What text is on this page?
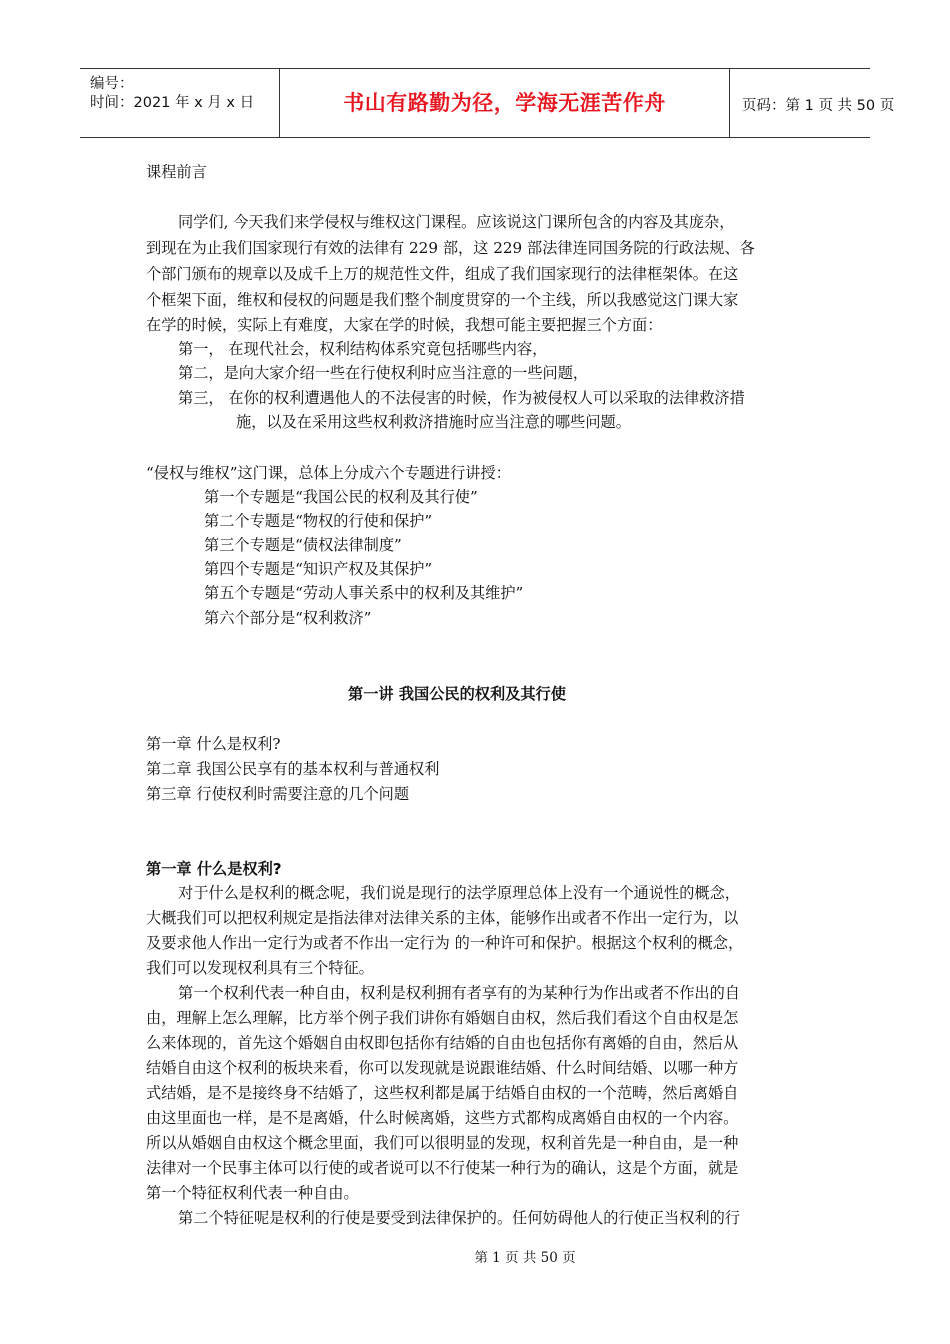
编号：
时间：2021 年 x 月 x 日	书山有路勤为径，学海无涯苦作舟	页码：第 1 页 共 50 页
课程前言
同学们, 今天我们来学侵权与维权这门课程。应该说这门课所包含的内容及其庞杂，
到现在为止我们国家现行有效的法律有 229 部，这 229 部法律连同国务院的行政法规、各
个部门颁布的规章以及成千上万的规范性文件，组成了我们国家现行的法律框架体。在这
个框架下面，维权和侵权的问题是我们整个制度贯穿的一个主线，所以我感觉这门课大家
在学的时候，实际上有难度，大家在学的时候，我想可能主要把握三个方面：
第一， 在现代社会，权利结构体系究竟包括哪些内容，
第二，是向大家介绍一些在行使权利时应当注意的一些问题，
第三， 在你的权利遭遇他人的不法侵害的时候，作为被侵权人可以采取的法律救济措
施，以及在采用这些权利救济措施时应当注意的哪些问题。
“侵权与维权”这门课，总体上分成六个专题进行讲授：
第一个专题是“我国公民的权利及其行使”
第二个专题是“物权的行使和保护”
第三个专题是“债权法律制度”
第四个专题是“知识产权及其保护”
第五个专题是“劳动人事关系中的权利及其维护”
第六个部分是“权利救济”
第一讲 我国公民的权利及其行使
第一章 什么是权利?
第二章 我国公民享有的基本权利与普通权利
第三章 行使权利时需要注意的几个问题
第一章 什么是权利?
对于什么是权利的概念呢，我们说是现行的法学原理总体上没有一个通说性的概念，
大概我们可以把权利规定是指法律对法律关系的主体，能够作出或者不作出一定行为，以
及要求他人作出一定行为或者不作出一定行为 的一种许可和保护。根据这个权利的概念，
我们可以发现权利具有三个特征。
第一个权利代表一种自由，权利是权利拥有者享有的为某种行为作出或者不作出的自
由，理解上怎么理解，比方举个例子我们讲你有婚姻自由权，然后我们看这个自由权是怎
么来体现的，首先这个婚姻自由权即包括你有结婚的自由也包括你有离婚的自由，然后从
结婚自由这个权利的板块来看，你可以发现就是说跟谁结婚、什么时间结婚、以哪一种方
式结婚，是不是接终身不结婚了，这些权利都是属于结婚自由权的一个范畴，然后离婚自
由这里面也一样，是不是离婚，什么时候离婚，这些方式都构成离婚自由权的一个内容。
所以从婚姻自由权这个概念里面，我们可以很明显的发现，权利首先是一种自由，是一种
法律对一个民事主体可以行使的或者说可以不行使某一种行为的确认，这是个方面，就是
第一个特征权利代表一种自由。
第二个特征呢是权利的行使是要受到法律保护的。任何妨碍他人的行使正当权利的行
第 1 页 共 50 页
